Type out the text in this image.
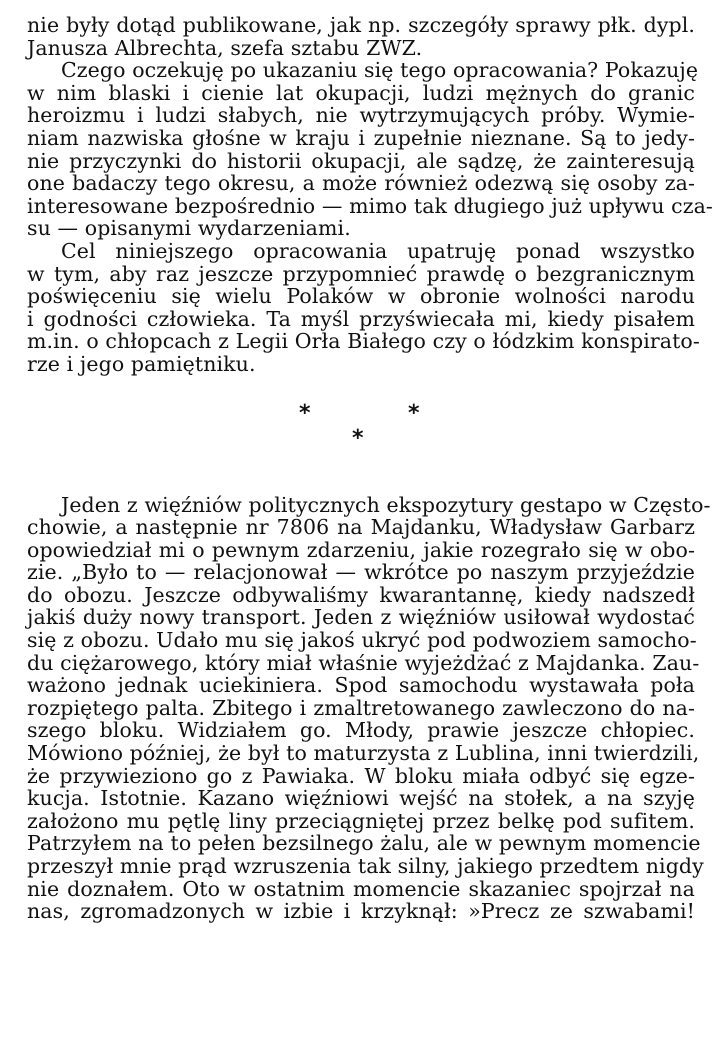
nie były dotąd publikowane, jak np. szczegóły sprawy płk. dypl.
Janusza Albrechta, szefa sztabu ZWZ.
Czego oczekuję po ukazaniu się tego opracowania? Pokazuję
w nim blaski i cienie lat okupacji, ludzi mężnych do granic
heroizmu i ludzi słabych, nie wytrzymujących próby. Wymie-
niam nazwiska głośne w kraju i zupełnie nieznane. Są to jedy-
nie przyczynki do historii okupacji, ale sądzę, że zainteresują
one badaczy tego okresu, a może również odezwą się osoby za-
interesowane bezpośrednio — mimo tak długiego już upływu cza-
su — opisanymi wydarzeniami.
Cel niniejszego opracowania upatruję ponad wszystko
w tym, aby raz jeszcze przypomnieć prawdę o bezgranicznym
poświęceniu się wielu Polaków w obronie wolności narodu
i godności człowieka. Ta myśl przyświecała mi, kiedy pisałem
m.in. o chłopcach z Legii Orła Białego czy o łódzkim konspirato-
rze i jego pamiętniku.
*	*
*
Jeden z więźniów politycznych ekspozytury gestapo w Często-
chowie, a następnie nr 7806 na Majdanku, Władysław Garbarz
opowiedział mi o pewnym zdarzeniu, jakie rozegrało się w obo-
zie. „Było to — relacjonował — wkrótce po naszym przyjeździe
do obozu. Jeszcze odbywaliśmy kwarantannę, kiedy nadszedł
jakiś duży nowy transport. Jeden z więźniów usiłował wydostać
się z obozu. Udało mu się jakoś ukryć pod podwoziem samocho-
du ciężarowego, który miał właśnie wyjeżdżać z Majdanka. Zau-
ważono jednak uciekiniera. Spod samochodu wystawała poła
rozpiętego palta. Zbitego i zmaltretowanego zawleczono do na-
szego bloku. Widziałem go. Młody, prawie jeszcze chłopiec.
Mówiono później, że był to maturzysta z Lublina, inni twierdzili,
że przywieziono go z Pawiaka. W bloku miała odbyć się egze-
kucja. Istotnie. Kazano więźniowi wejść na stołek, a na szyję
założono mu pętlę liny przeciągniętej przez belkę pod sufitem.
Patrzyłem na to pełen bezsilnego żalu, ale w pewnym momencie
przeszył mnie prąd wzruszenia tak silny, jakiego przedtem nigdy
nie doznałem. Oto w ostatnim momencie skazaniec spojrzał na
nas, zgromadzonych w izbie i krzyknął: »Precz ze szwabami!
